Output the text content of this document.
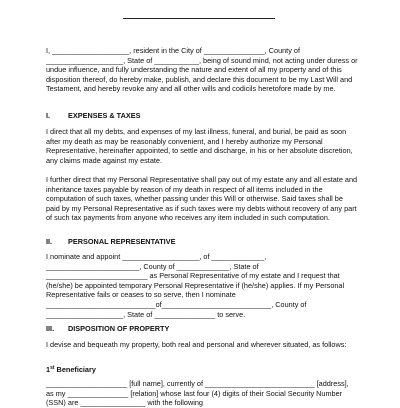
I, ___________________, resident in the City of _______________, County of ___________________, State of ___________, being of sound mind, not acting under duress or undue influence, and fully understanding the nature and extent of all my property and of this disposition thereof, do hereby make, publish, and declare this document to be my Last Will and Testament, and hereby revoke any and all other wills and codicils heretofore made by me.

I. EXPENSES & TAXES

I direct that all my debts, and expenses of my last illness, funeral, and burial, be paid as soon after my death as may be reasonably convenient, and I hereby authorize my Personal Representative, hereinafter appointed, to settle and discharge, in his or her absolute discretion, any claims made against my estate.

I further direct that my Personal Representative shall pay out of my estate any and all estate and inheritance taxes payable by reason of my death in respect of all items included in the computation of such taxes, whether passing under this Will or otherwise. Said taxes shall be paid by my Personal Representative as if such taxes were my debts without recovery of any part of such tax payments from anyone who receives any item included in such computation.

II. PERSONAL REPRESENTATIVE

I nominate and appoint ___________________, of _____________, _______________________, County of _____________, State of _________________________ as Personal Representative of my estate and I request that (he/she) be appointed temporary Personal Representative if (he/she) applies. If my Personal Representative fails or ceases to so serve, then I nominate ___________________________of___________________________, County of ___________________, State of _______________ to serve.

III. DISPOSITION OF PROPERTY

I devise and bequeath my property, both real and personal and wherever situated, as follows:

1st Beneficiary

____________________ [full name], currently of ___________________________ [address], as my _______________ [relation] whose last four (4) digits of their Social Security Number (SSN) are ________________ with the following
